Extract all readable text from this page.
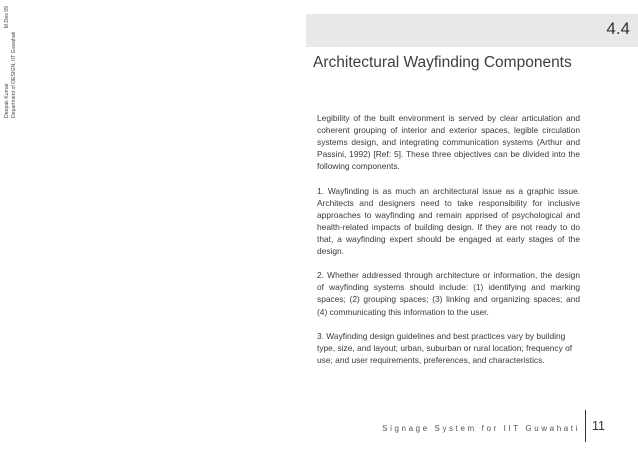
Deepak Kumar
M.Des 09
Department of DESIGN, IIT Guwahati
4.4
Architectural Wayfinding Components

Legibility of the built environment is served by clear articulation and coherent grouping of interior and exterior spaces, legible circulation systems design, and integrating communication systems (Arthur and Passini, 1992) [Ref: 5]. These three objectives can be divided into the following components.

1. Wayfinding is as much an architectural issue as a graphic issue. Architects and designers need to take responsibility for inclusive approaches to wayfinding and remain apprised of psychological and health-related impacts of building design. If they are not ready to do that, a wayfinding expert should be engaged at early stages of the design.

2. Whether addressed through architecture or information, the design of wayfinding systems should include: (1) identifying and marking spaces; (2) grouping spaces; (3) linking and organizing spaces; and (4) communicating this information to the user.

3. Wayfinding design guidelines and best practices vary by building type, size, and layout; urban, suburban or rural location; frequency of use; and user requirements, preferences, and characteristics.

Signage System for IIT Guwahati 11
